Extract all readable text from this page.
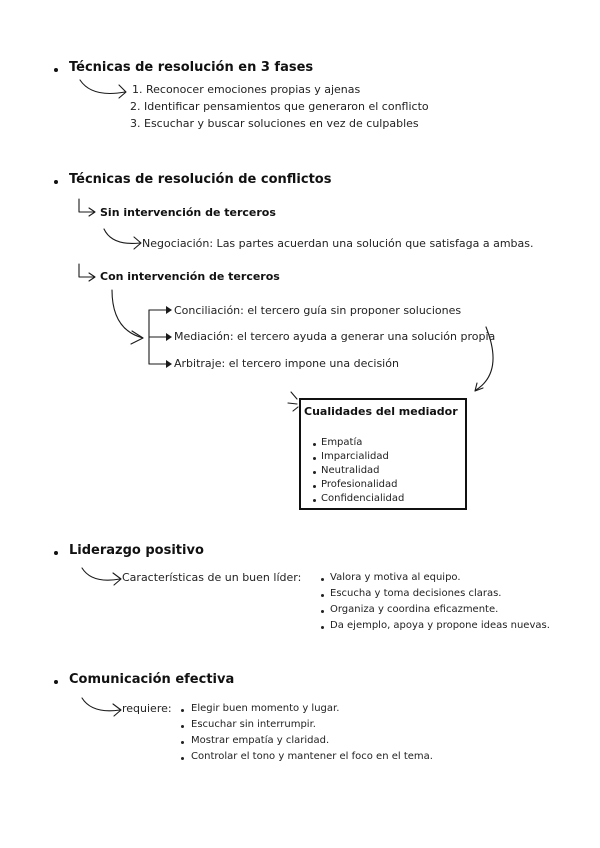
Técnicas de resolución en 3 fases
1. Reconocer emociones propias y ajenas
2. Identificar pensamientos que generaron el conflicto
3. Escuchar y buscar soluciones en vez de culpables
Técnicas de resolución de conflictos
Sin intervención de terceros
Negociación: Las partes acuerdan una solución que satisfaga a ambas.
Con intervención de terceros
Conciliación: el tercero guía sin proponer soluciones
Mediación: el tercero ayuda a generar una solución propia
Arbitraje: el tercero impone una decisión
Cualidades del mediador
Empatía
Imparcialidad
Neutralidad
Profesionalidad
Confidencialidad
Liderazgo positivo
Características de un buen líder:	Valora y motiva al equipo.
Escucha y toma decisiones claras.
Organiza y coordina eficazmente.
Da ejemplo, apoya y propone ideas nuevas.
Comunicación efectiva
requiere: Elegir buen momento y lugar.
Escuchar sin interrumpir.
Mostrar empatía y claridad.
Controlar el tono y mantener el foco en el tema.
